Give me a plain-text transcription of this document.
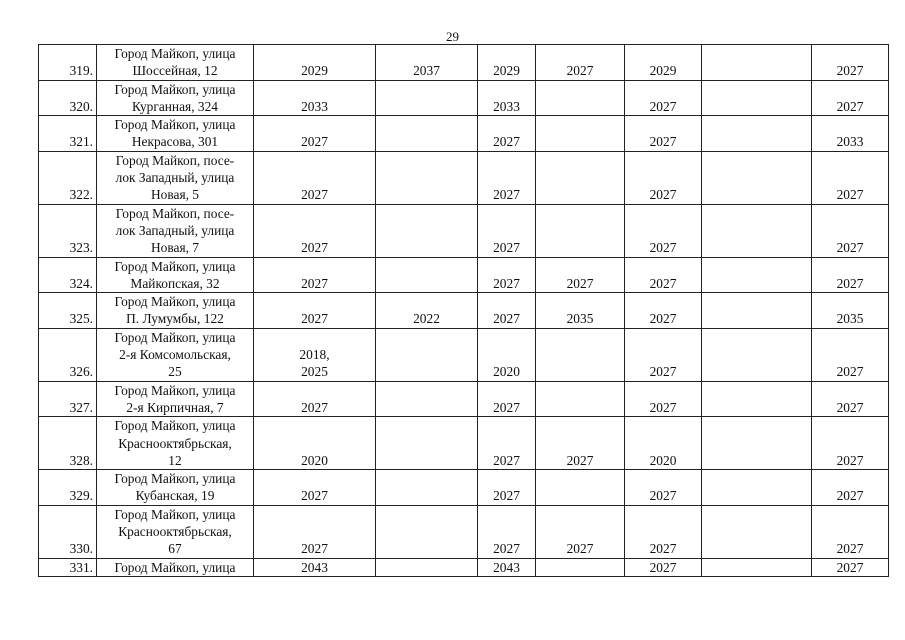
29
319.	Город Майкоп, улица
Шоссейная, 12	2029	2037	2029	2027	2029		2027
320.	Город Майкоп, улица
Курганная, 324	2033		2033		2027		2027
321.	Город Майкоп, улица
Некрасова, 301	2027		2027		2027		2033
322.	Город Майкоп, посе-
лок Западный, улица
Новая, 5	2027		2027		2027		2027
323.	Город Майкоп, посе-
лок Западный, улица
Новая, 7	2027		2027		2027		2027
324.	Город Майкоп, улица
Майкопская, 32	2027		2027	2027	2027		2027
325.	Город Майкоп, улица
П. Лумумбы, 122	2027	2022	2027	2035	2027		2035
326.	Город Майкоп, улица
2-я Комсомольская,
25	2018,
2025		2020		2027		2027
327.	Город Майкоп, улица
2-я Кирпичная, 7	2027		2027		2027		2027
328.	Город Майкоп, улица
Краснооктябрьская,
12	2020		2027	2027	2020		2027
329.	Город Майкоп, улица
Кубанская, 19	2027		2027		2027		2027
330.	Город Майкоп, улица
Краснооктябрьская,
67	2027		2027	2027	2027		2027
331.	Город Майкоп, улица	2043		2043		2027		2027
